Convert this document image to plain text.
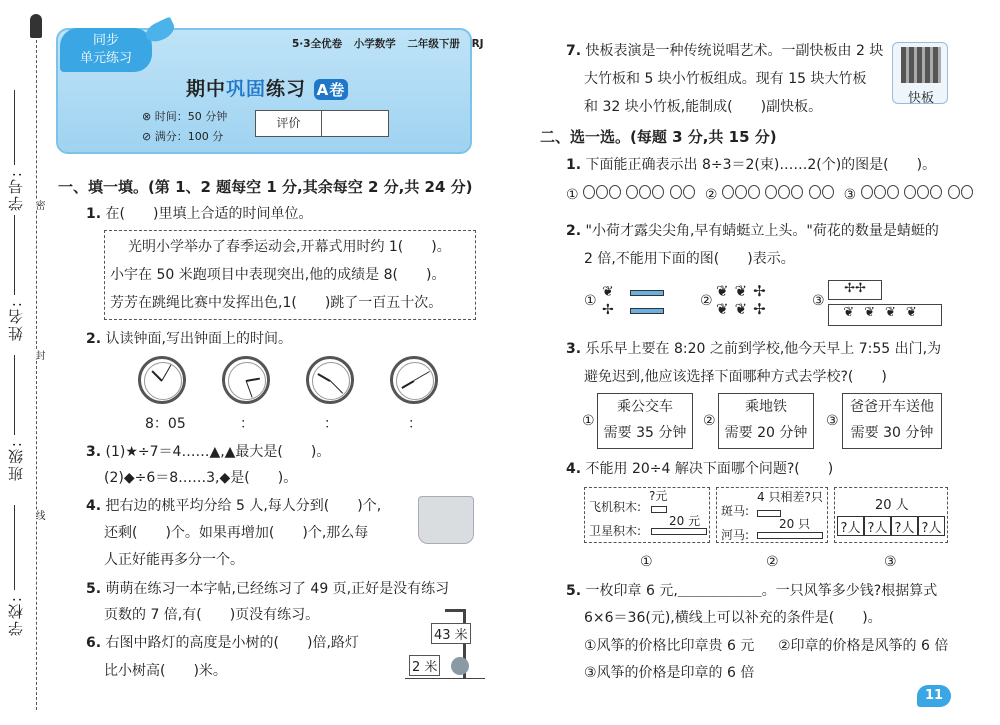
学号:
姓名:
班级:
学校:
密
封
线
同步
单元练习
5·3全优卷 小学数学 二年级下册 RJ
期中巩固练习 A卷
⊗ 时间：50 分钟
⊘ 满分：100 分
评价
一、填一填。(第 1、2 题每空 1 分,其余每空 2 分,共 24 分)
1. 在(　　)里填上合适的时间单位。
光明小学举办了春季运动会,开幕式用时约 1(　　)。
小宇在 50 米跑项目中表现突出,他的成绩是 8(　　)。
芳芳在跳绳比赛中发挥出色,1(　　)跳了一百五十次。
2. 认读钟面,写出钟面上的时间。
8：05	：	：	：
3. (1)★÷7＝4……▲,▲最大是(　　)。
(2)◆÷6＝8……3,◆是(　　)。
4. 把右边的桃平均分给 5 人,每人分到(　　)个,
还剩(　　)个。如果再增加(　　)个,那么每
人正好能再多分一个。
5. 萌萌在练习一本字帖,已经练习了 49 页,正好是没有练习
页数的 7 倍,有(　　)页没有练习。
6. 右图中路灯的高度是小树的(　　)倍,路灯
比小树高(　　)米。
43 米
2 米
7. 快板表演是一种传统说唱艺术。一副快板由 2 块
大竹板和 5 块小竹板组成。现有 15 块大竹板
和 32 块小竹板,能制成(　　)副快板。
快板
二、选一选。(每题 3 分,共 15 分)
1. 下面能正确表示出 8÷3＝2(束)……2(个)的图是(　　)。
①	②	③
2. "小荷才露尖尖角,早有蜻蜓立上头。"荷花的数量是蜻蜓的
2 倍,不能用下面的图(　　)表示。
①
❦
✢
②
❦❦✢
❦❦✢	③
✢✢
❦❦❦❦
3. 乐乐早上要在 8:20 之前到学校,他今天早上 7:55 出门,为
避免迟到,他应该选择下面哪种方式去学校?(　　)
①
乘公交车
需要 35 分钟
②
乘地铁
需要 20 分钟
③
爸爸开车送他
需要 30 分钟
4. 不能用 20÷4 解决下面哪个问题?(　　)
飞机积木:
卫星积木:
?元
20 元
斑马:
河马:
4 只相差?只
20 只
20 人
?人 ?人 ?人 ?人
①	②	③
5. 一枚印章 6 元,＿＿＿＿＿＿。一只风筝多少钱?根据算式
6×6＝36(元),横线上可以补充的条件是(　　)。
①风筝的价格比印章贵 6 元 ②印章的价格是风筝的 6 倍
③风筝的价格是印章的 6 倍
11
